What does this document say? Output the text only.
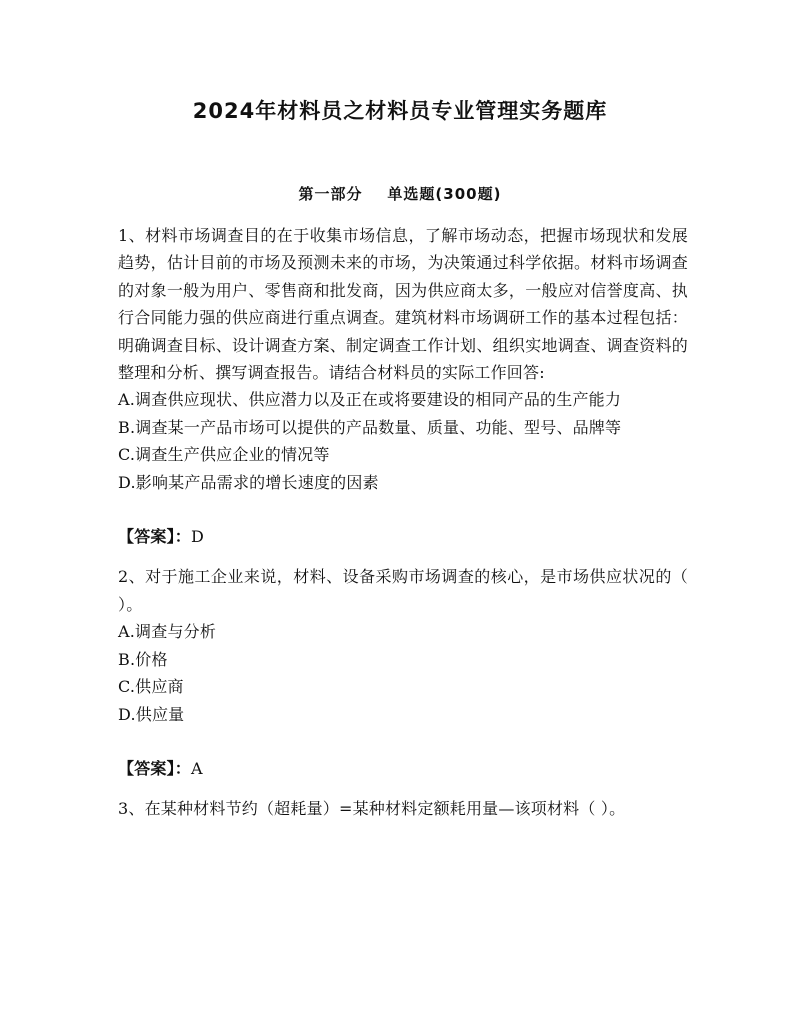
2024年材料员之材料员专业管理实务题库
第一部分    单选题(300题)

1、材料市场调查目的在于收集市场信息，了解市场动态，把握市场现状和发展趋势，估计目前的市场及预测未来的市场，为决策通过科学依据。材料市场调查的对象一般为用户、零售商和批发商，因为供应商太多，一般应对信誉度高、执行合同能力强的供应商进行重点调查。建筑材料市场调研工作的基本过程包括：明确调查目标、设计调查方案、制定调查工作计划、组织实地调查、调查资料的整理和分析、撰写调查报告。请结合材料员的实际工作回答:

A.调查供应现状、供应潜力以及正在或将要建设的相同产品的生产能力

B.调查某一产品市场可以提供的产品数量、质量、功能、型号、品牌等

C.调查生产供应企业的情况等

D.影响某产品需求的增长速度的因素

【答案】：D

2、对于施工企业来说，材料、设备采购市场调查的核心，是市场供应状况的（ ）。

A.调查与分析

B.价格

C.供应商

D.供应量

【答案】：A

3、在某种材料节约（超耗量）=某种材料定额耗用量—该项材料（ ）。
